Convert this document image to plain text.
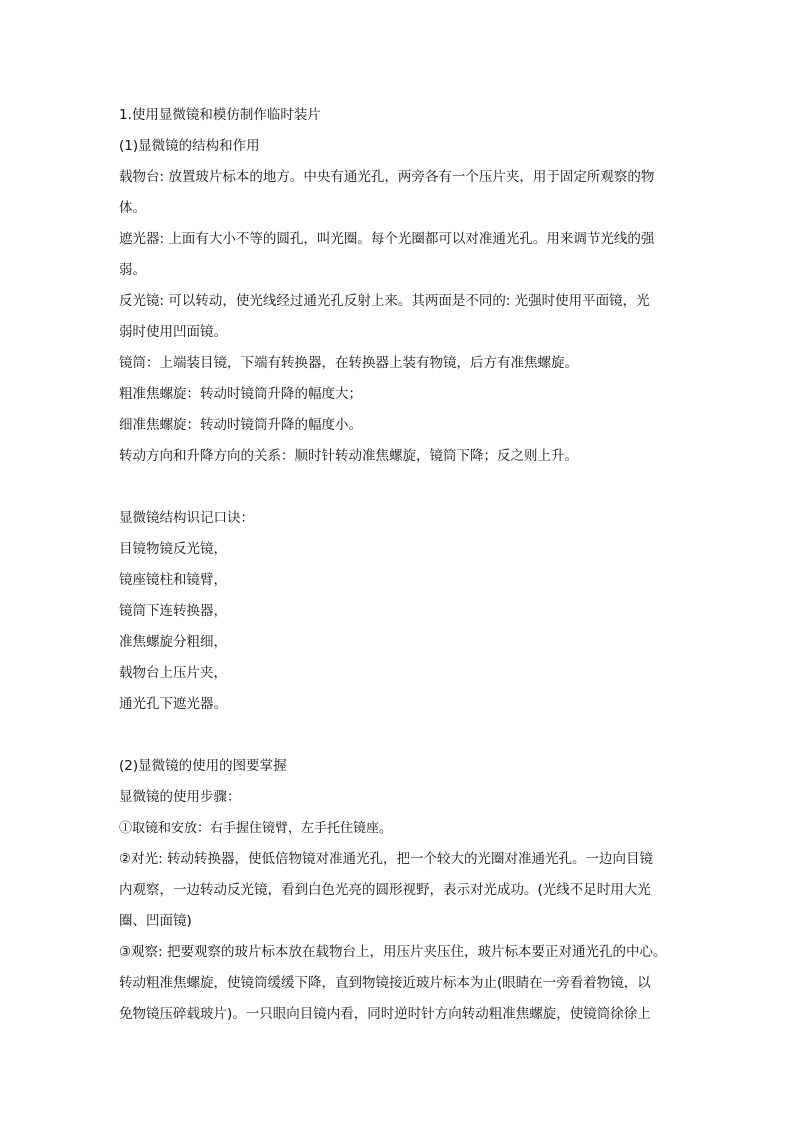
1.使用显微镜和模仿制作临时装片
(1)显微镜的结构和作用
载物台: 放置玻片标本的地方。中央有通光孔，两旁各有一个压片夹，用于固定所观察的物
体。
遮光器: 上面有大小不等的圆孔，叫光圈。每个光圈都可以对准通光孔。用来调节光线的强
弱。
反光镜: 可以转动，使光线经过通光孔反射上来。其两面是不同的: 光强时使用平面镜，光
弱时使用凹面镜。
镜筒：上端装目镜，下端有转换器，在转换器上装有物镜，后方有准焦螺旋。
粗准焦螺旋：转动时镜筒升降的幅度大；
细准焦螺旋：转动时镜筒升降的幅度小。
转动方向和升降方向的关系：顺时针转动准焦螺旋，镜筒下降；反之则上升。
显微镜结构识记口诀：
目镜物镜反光镜，
镜座镜柱和镜臂，
镜筒下连转换器，
准焦螺旋分粗细，
载物台上压片夹，
通光孔下遮光器。
(2)显微镜的使用的图要掌握
显微镜的使用步骤：
①取镜和安放：右手握住镜臂，左手托住镜座。
②对光: 转动转换器，使低倍物镜对准通光孔，把一个较大的光圈对准通光孔。一边向目镜
内观察，一边转动反光镜，看到白色光亮的圆形视野，表示对光成功。(光线不足时用大光
圈、凹面镜)
③观察: 把要观察的玻片标本放在载物台上，用压片夹压住，玻片标本要正对通光孔的中心。
转动粗准焦螺旋，使镜筒缓缓下降，直到物镜接近玻片标本为止(眼睛在一旁看着物镜，以
免物镜压碎载玻片)。一只眼向目镜内看，同时逆时针方向转动粗准焦螺旋，使镜筒徐徐上
